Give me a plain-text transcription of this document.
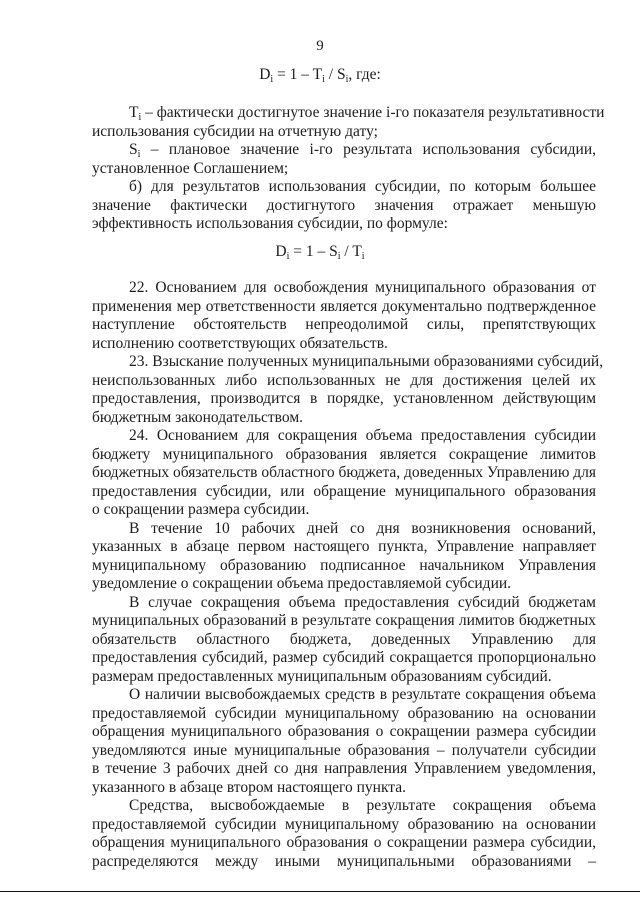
9
$D_i = 1 - T_i / S_i$, где:
$T_i$ – фактически достигнутое значение i-го показателя результативности
использования субсидии на отчетную дату;
$S_i$ – плановое значение i-го результата использования субсидии,
установленное Соглашением;
б) для результатов использования субсидии, по которым большее
значение фактически достигнутого значения отражает меньшую
эффективность использования субсидии, по формуле:
$D_i = 1 - S_i / T_i$
22. Основанием для освобождения муниципального образования от
применения мер ответственности является документально подтвержденное
наступление обстоятельств непреодолимой силы, препятствующих
исполнению соответствующих обязательств.
23. Взыскание полученных муниципальными образованиями субсидий,
неиспользованных либо использованных не для достижения целей их
предоставления, производится в порядке, установленном действующим
бюджетным законодательством.
24. Основанием для сокращения объема предоставления субсидии
бюджету муниципального образования является сокращение лимитов
бюджетных обязательств областного бюджета, доведенных Управлению для
предоставления субсидии, или обращение муниципального образования
о сокращении размера субсидии.
В течение 10 рабочих дней со дня возникновения оснований,
указанных в абзаце первом настоящего пункта, Управление направляет
муниципальному образованию подписанное начальником Управления
уведомление о сокращении объема предоставляемой субсидии.
В случае сокращения объема предоставления субсидий бюджетам
муниципальных образований в результате сокращения лимитов бюджетных
обязательств областного бюджета, доведенных Управлению для
предоставления субсидий, размер субсидий сокращается пропорционально
размерам предоставленных муниципальным образованиям субсидий.
О наличии высвобождаемых средств в результате сокращения объема
предоставляемой субсидии муниципальному образованию на основании
обращения муниципального образования о сокращении размера субсидии
уведомляются иные муниципальные образования – получатели субсидии
в течение 3 рабочих дней со дня направления Управлением уведомления,
указанного в абзаце втором настоящего пункта.
Средства, высвобождаемые в результате сокращения объема
предоставляемой субсидии муниципальному образованию на основании
обращения муниципального образования о сокращении размера субсидии,
распределяются между иными муниципальными образованиями –
